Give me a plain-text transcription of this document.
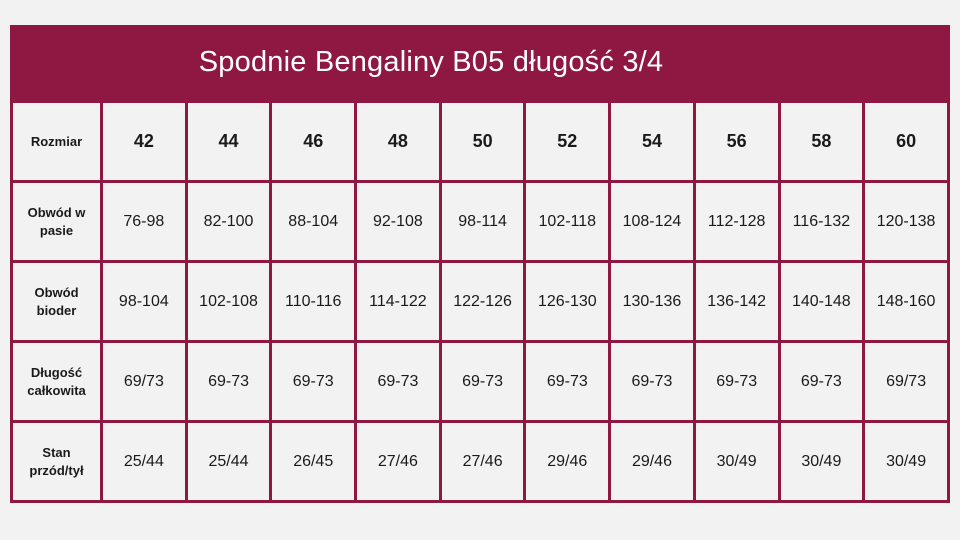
Spodnie Bengaliny B05 długość 3/4
Rozmiar	42	44	46	48	50	52	54	56	58	60
Obwód w pasie	76-98	82-100	88-104	92-108	98-114	102-118	108-124	112-128	116-132	120-138
Obwód bioder	98-104	102-108	110-116	114-122	122-126	126-130	130-136	136-142	140-148	148-160
Długość całkowita	69/73	69-73	69-73	69-73	69-73	69-73	69-73	69-73	69-73	69/73
Stan przód/tył	25/44	25/44	26/45	27/46	27/46	29/46	29/46	30/49	30/49	30/49
